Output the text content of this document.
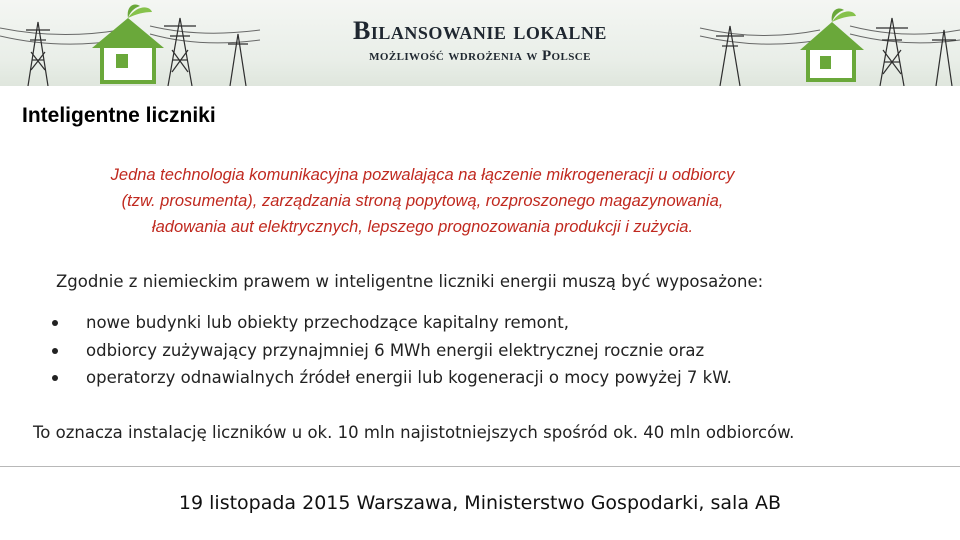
Bilansowanie lokalne
możliwość wdrożenia w Polsce
Inteligentne liczniki

Jedna technologia komunikacyjna pozwalająca na łączenie mikrogeneracji u odbiorcy
(tzw. prosumenta), zarządzania stroną popytową, rozproszonego magazynowania,
ładowania aut elektrycznych, lepszego prognozowania produkcji i zużycia.

Zgodnie z niemieckim prawem w inteligentne liczniki energii muszą być wyposażone:

nowe budynki lub obiekty przechodzące kapitalny remont,
odbiorcy zużywający przynajmniej 6 MWh energii elektrycznej rocznie oraz
operatorzy odnawialnych źródeł energii lub kogeneracji o mocy powyżej 7 kW.

To oznacza instalację liczników u ok. 10 mln najistotniejszych spośród ok. 40 mln odbiorców.

19 listopada 2015 Warszawa, Ministerstwo Gospodarki, sala AB
